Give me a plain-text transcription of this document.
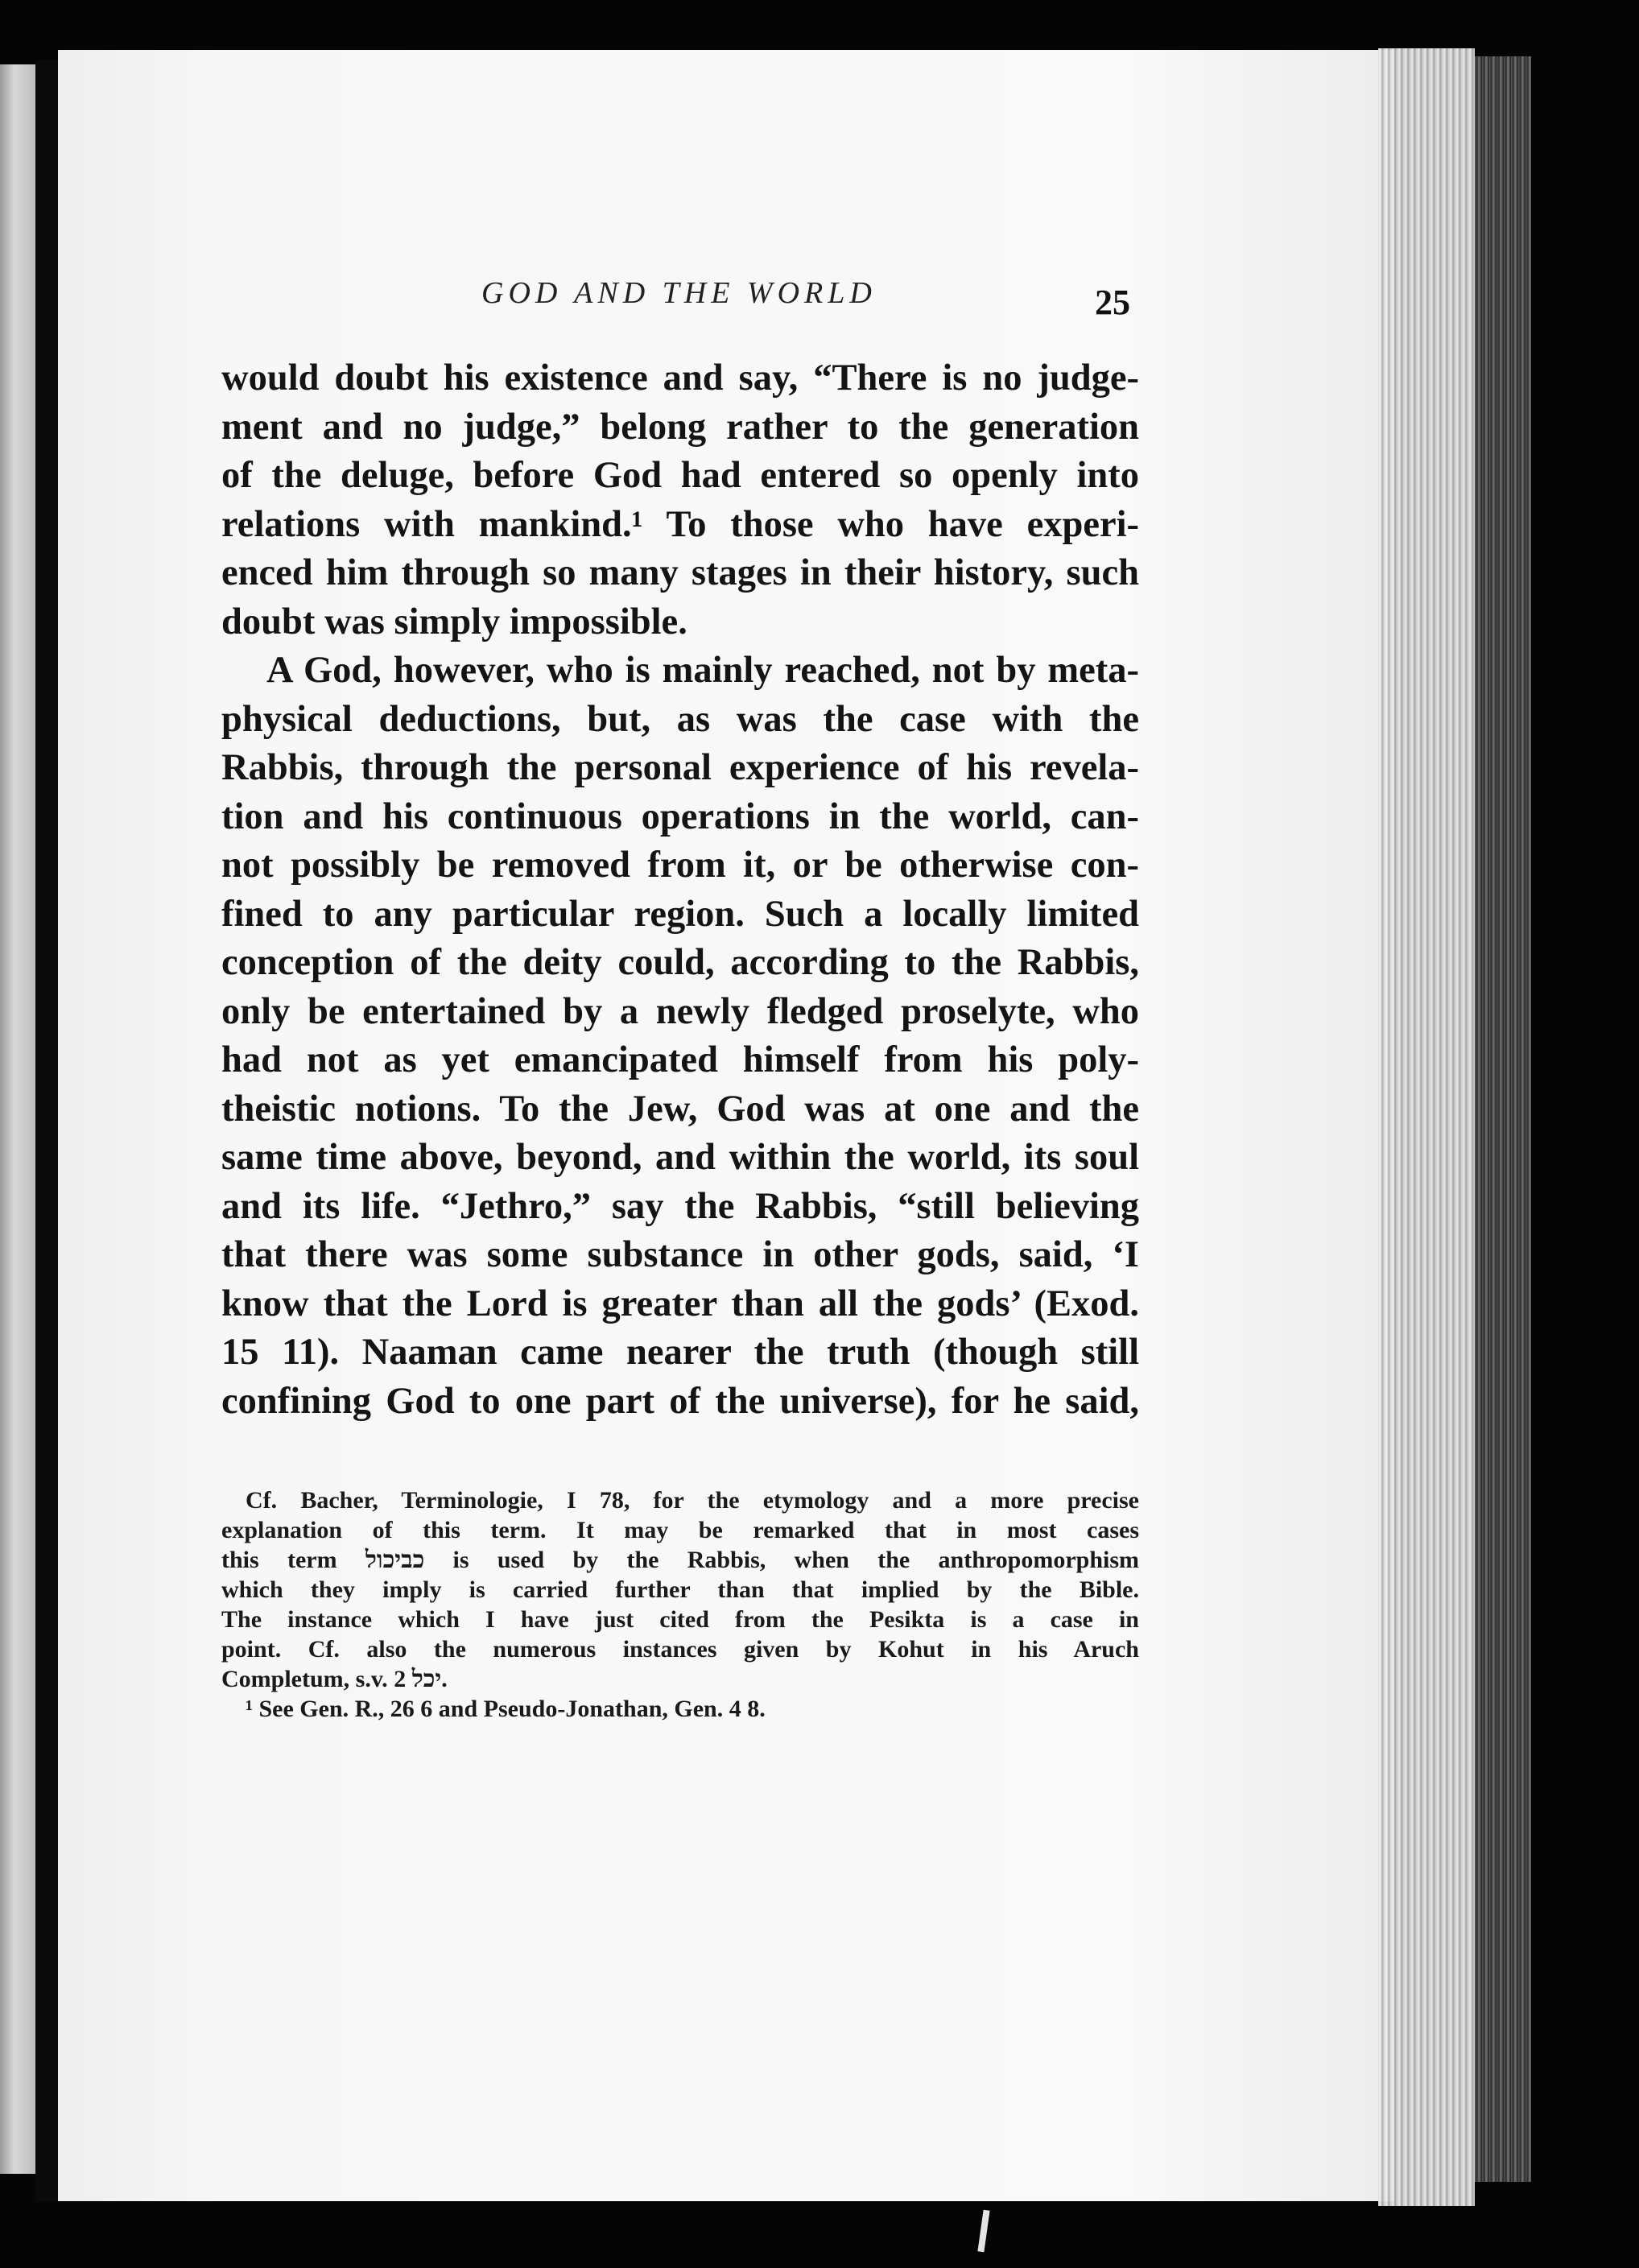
GOD AND THE WORLD	25
would doubt his existence and say, “There is no judge-
ment and no judge,” belong rather to the generation
of the deluge, before God had entered so openly into
relations with mankind.¹ To those who have experi-
enced him through so many stages in their history, such
doubt was simply impossible.
A God, however, who is mainly reached, not by meta-
physical deductions, but, as was the case with the
Rabbis, through the personal experience of his revela-
tion and his continuous operations in the world, can-
not possibly be removed from it, or be otherwise con-
fined to any particular region. Such a locally limited
conception of the deity could, according to the Rabbis,
only be entertained by a newly fledged proselyte, who
had not as yet emancipated himself from his poly-
theistic notions. To the Jew, God was at one and the
same time above, beyond, and within the world, its soul
and its life. “Jethro,” say the Rabbis, “still believing
that there was some substance in other gods, said, ‘I
know that the Lord is greater than all the gods’ (Exod.
15 11). Naaman came nearer the truth (though still
confining God to one part of the universe), for he said,
Cf. Bacher, Terminologie, I 78, for the etymology and a more precise
explanation of this term. It may be remarked that in most cases
this term כביכול is used by the Rabbis, when the anthropomorphism
which they imply is carried further than that implied by the Bible.
The instance which I have just cited from the Pesikta is a case in
point. Cf. also the numerous instances given by Kohut in his Aruch
Completum, s.v. יכל 2.
¹ See Gen. R., 26 6 and Pseudo-Jonathan, Gen. 4 8.
